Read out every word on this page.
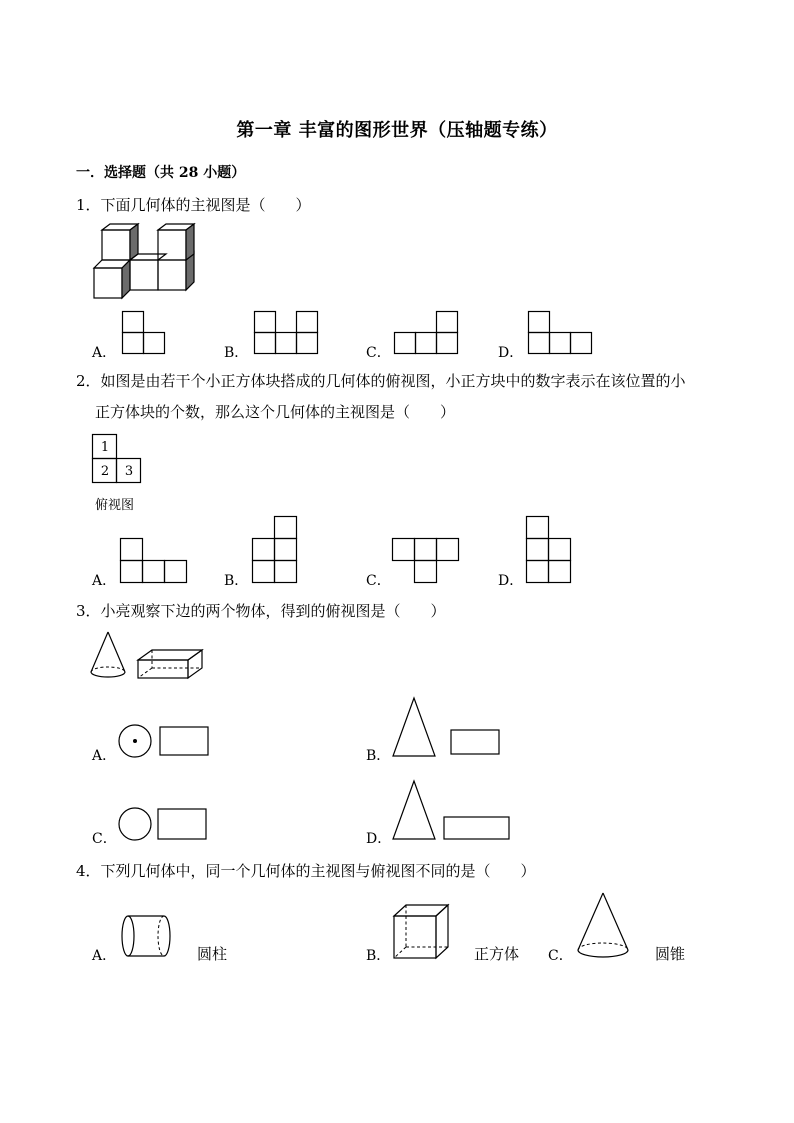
第一章 丰富的图形世界（压轴题专练）
一．选择题（共 28 小题）
1．下面几何体的主视图是（　　）
A．	B．	C．	D．
2．如图是由若干个小正方体块搭成的几何体的俯视图，小正方块中的数字表示在该位置的小
正方体块的个数，那么这个几何体的主视图是（　　）
1
2	3
俯视图
A．	B．	C．	D．
3．小亮观察下边的两个物体，得到的俯视图是（　　）
A．	B．
C．	D．
4．下列几何体中，同一个几何体的主视图与俯视图不同的是（　　）
A．	圆柱	B．	正方体 C．	圆锥
